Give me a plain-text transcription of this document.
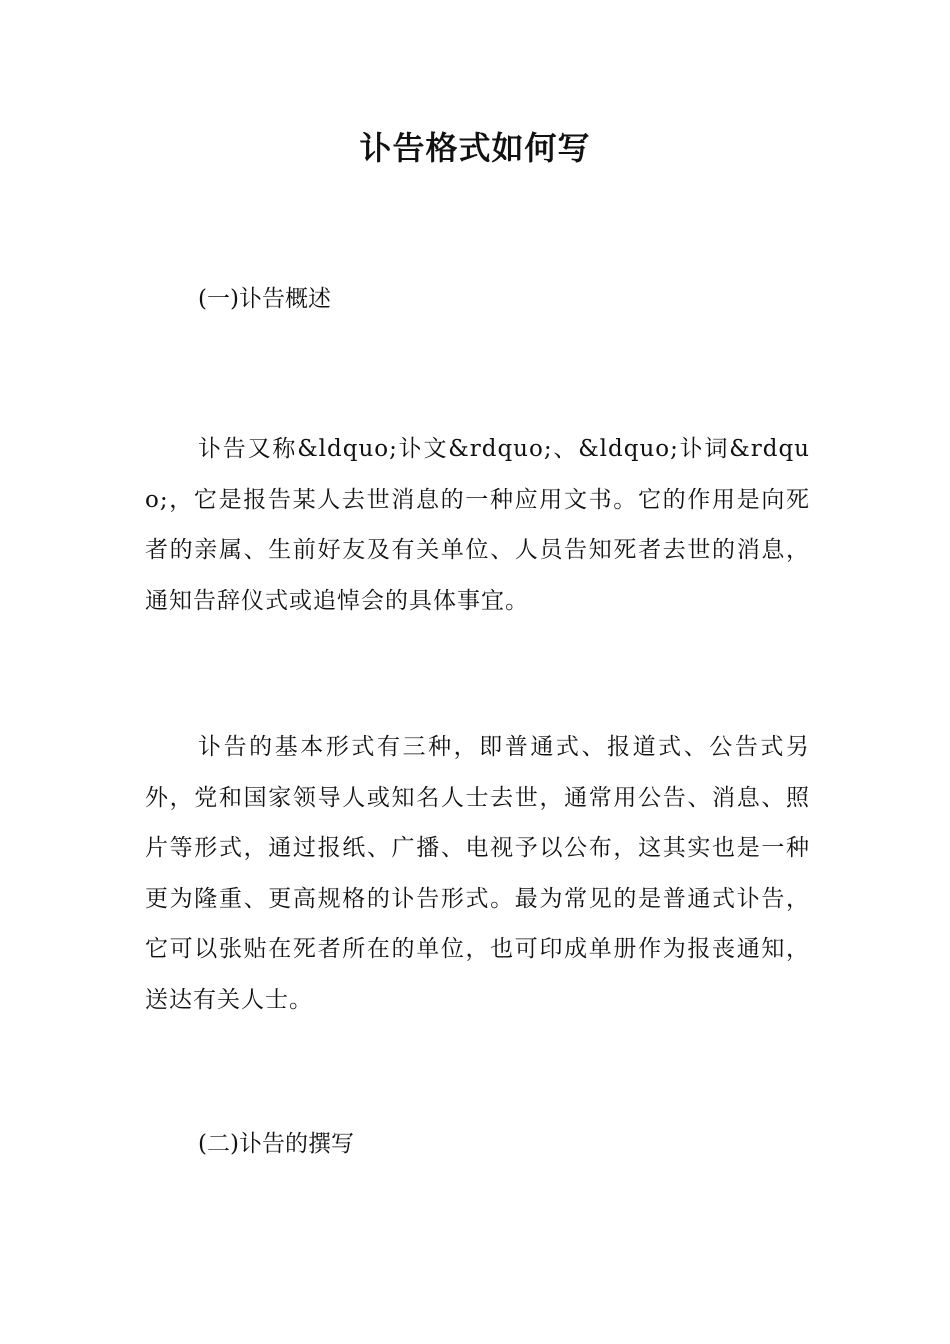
讣告格式如何写
(一)讣告概述
讣告又称&ldquo;讣文&rdquo;、&ldquo;讣词&rdquo;，它是报告某人去世消息的一种应用文书。它的作用是向死者的亲属、生前好友及有关单位、人员告知死者去世的消息，通知告辞仪式或追悼会的具体事宜。
讣告的基本形式有三种，即普通式、报道式、公告式另外，党和国家领导人或知名人士去世，通常用公告、消息、照片等形式，通过报纸、广播、电视予以公布，这其实也是一种更为隆重、更高规格的讣告形式。最为常见的是普通式讣告，它可以张贴在死者所在的单位，也可印成单册作为报丧通知，送达有关人士。
(二)讣告的撰写
